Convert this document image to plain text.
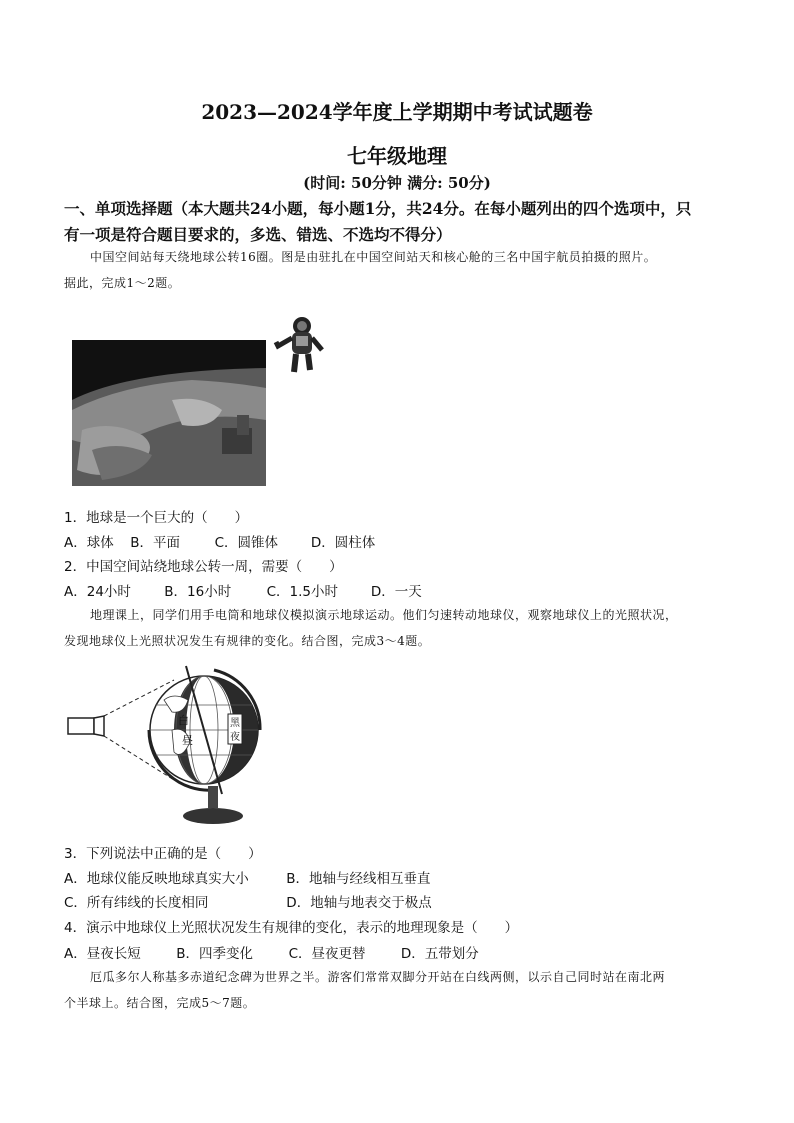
2023—2024学年度上学期期中考试试题卷
七年级地理
(时间: 50分钟 满分: 50分)
一、单项选择题（本大题共24小题，每小题1分，共24分。在每小题列出的四个选项中，只
有一项是符合题目要求的，多选、错选、不选均不得分）
中国空间站每天绕地球公转16圈。图是由驻扎在中国空间站天和核心舱的三名中国宇航员拍摄的照片。
据此，完成1～2题。
1．地球是一个巨大的（　　）
A．球体 B．平面	C．圆锥体 D．圆柱体
2．中国空间站绕地球公转一周，需要（　　）
A．24小时 B．16小时	C．1.5小时 D．一天
地理课上，同学们用手电筒和地球仪模拟演示地球运动。他们匀速转动地球仪，观察地球仪上的光照状况，
发现地球仪上光照状况发生有规律的变化。结合图，完成3～4题。
白
昼
黑
夜
3．下列说法中正确的是（　　）
A．地球仪能反映地球真实大小	B．地轴与经线相互垂直
C．所有纬线的长度相同	D．地轴与地表交于极点
4．演示中地球仪上光照状况发生有规律的变化，表示的地理现象是（　　）
A．昼夜长短	B．四季变化	C．昼夜更替	D．五带划分
厄瓜多尔人称基多赤道纪念碑为世界之半。游客们常常双脚分开站在白线两侧，以示自己同时站在南北两
个半球上。结合图，完成5～7题。
